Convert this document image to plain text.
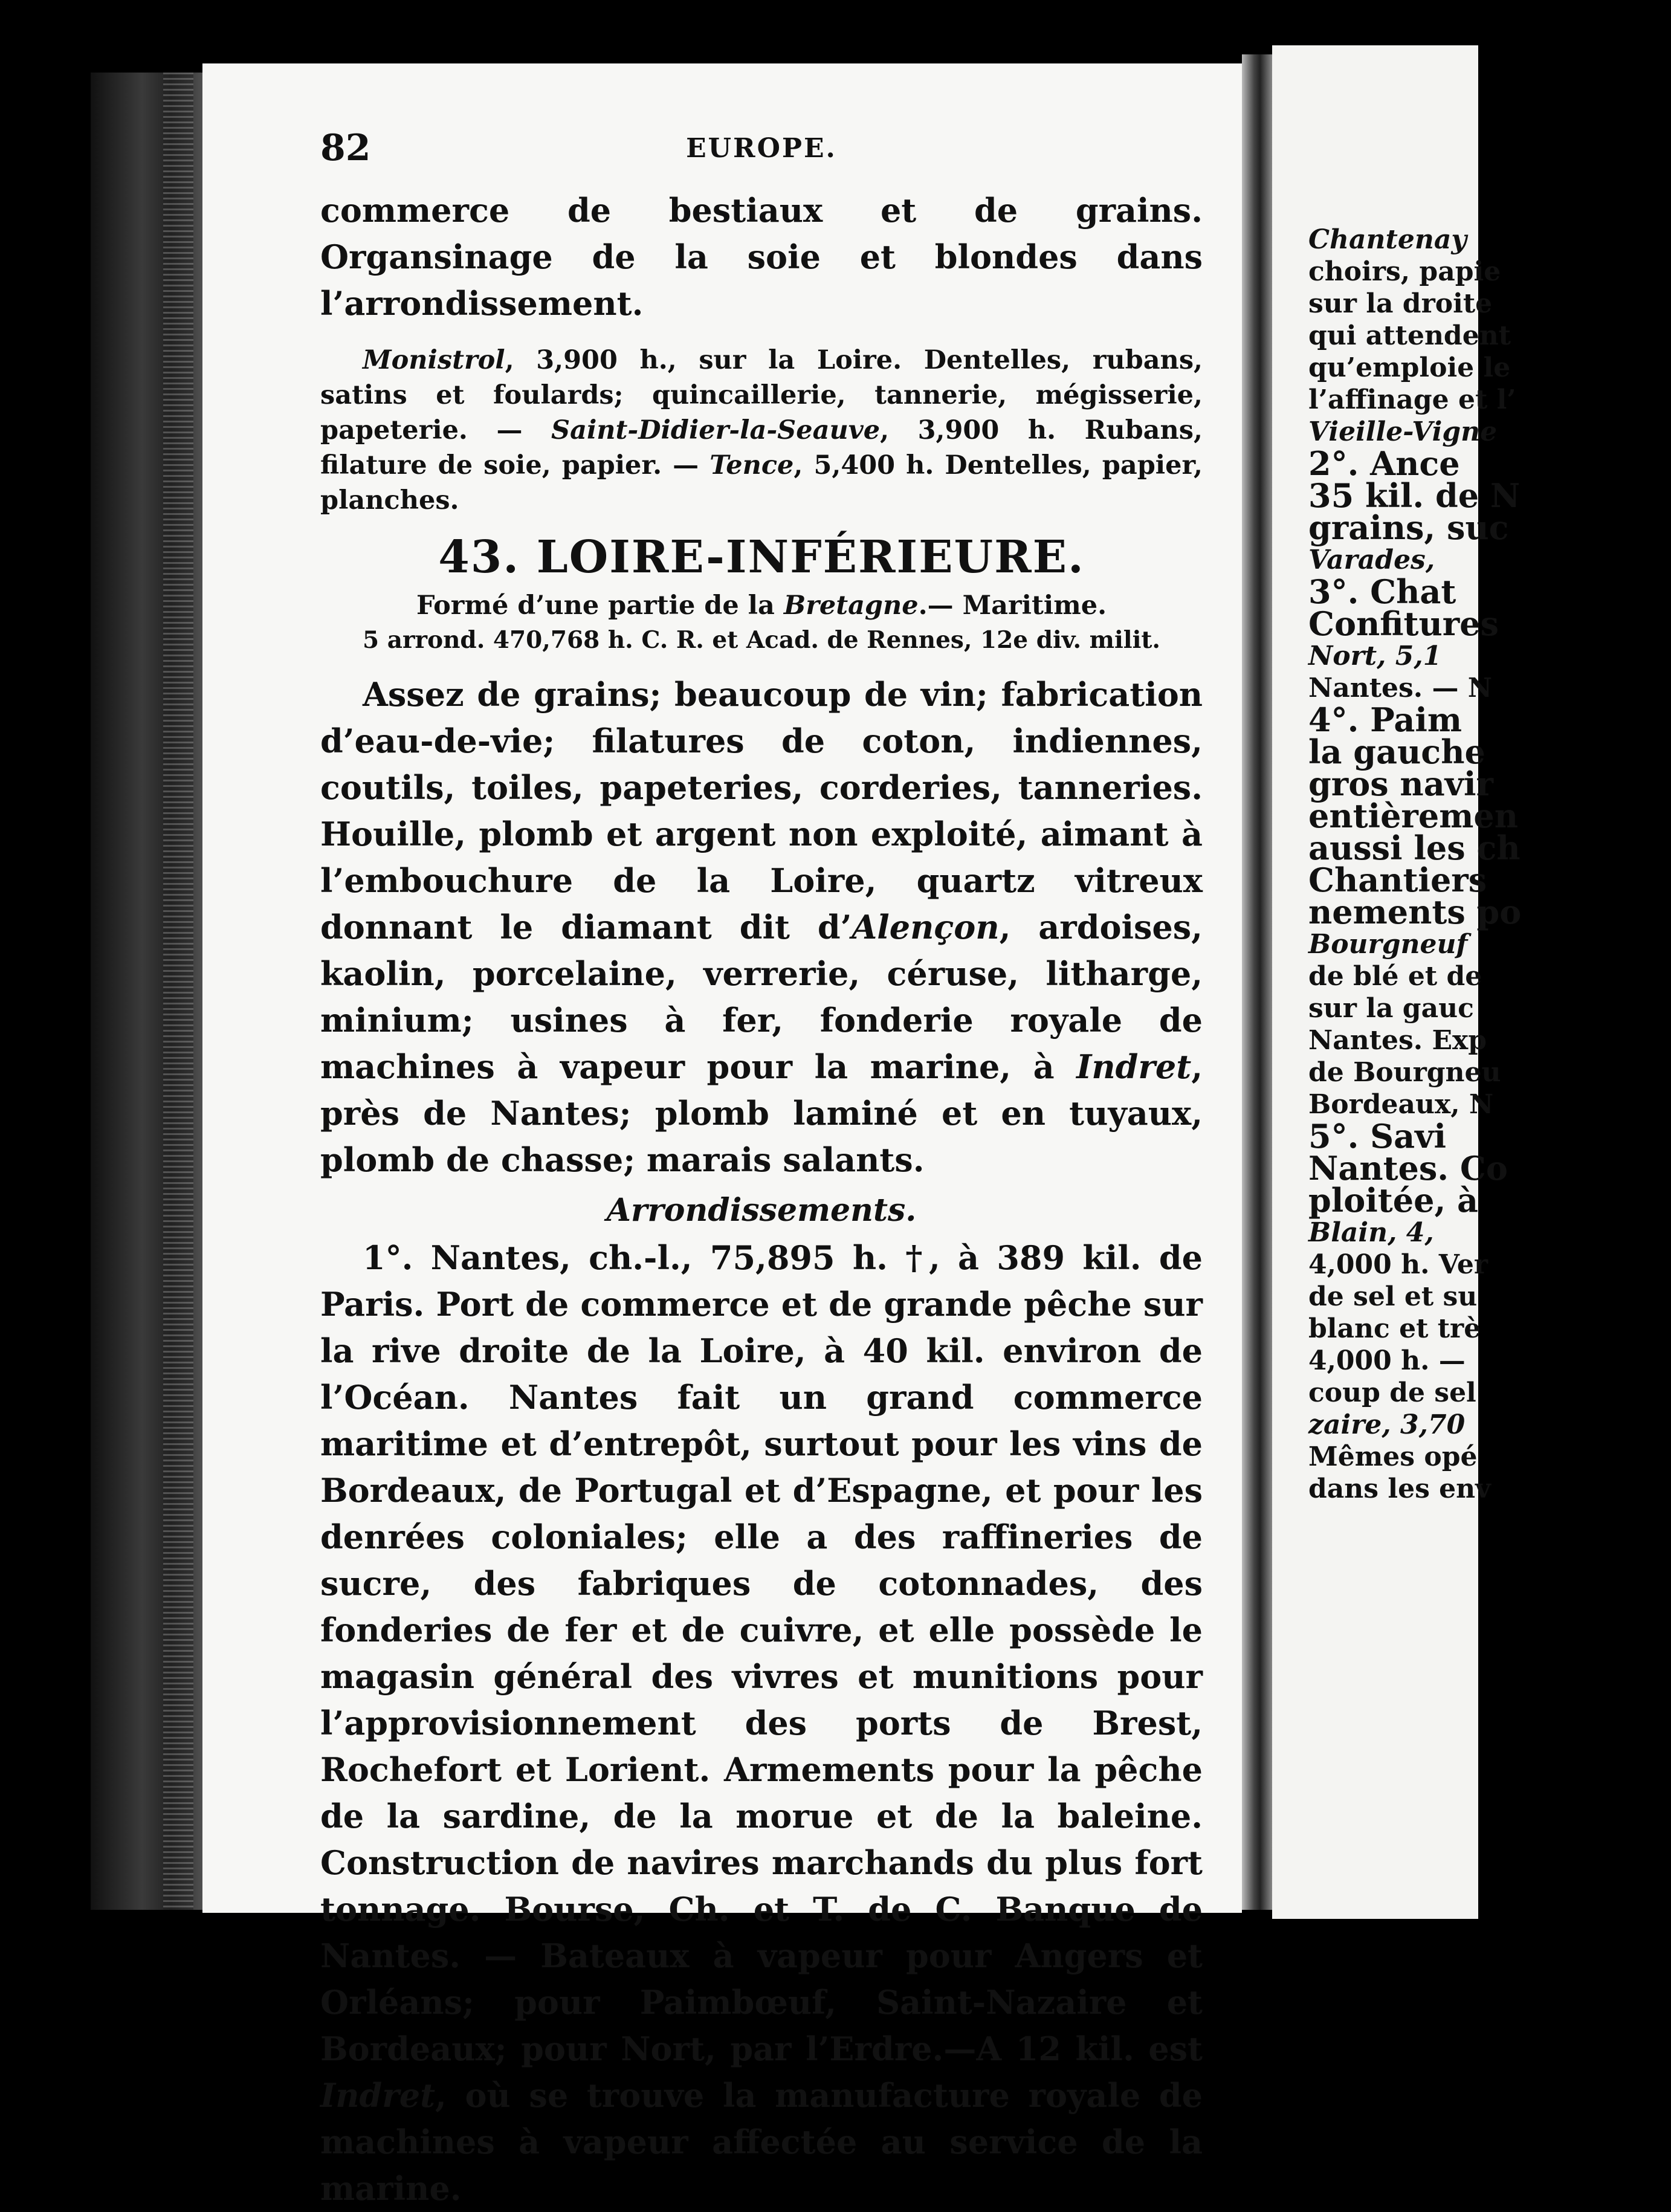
82	EUROPE.

commerce de bestiaux et de grains. Organsinage de la soie et blondes dans l’arrondissement.

Monistrol, 3,900 h., sur la Loire. Dentelles, rubans, satins et foulards; quincaillerie, tannerie, mégisserie, papeterie. — Saint-Didier-la-Seauve, 3,900 h. Rubans, filature de soie, papier. — Tence, 5,400 h. Dentelles, papier, planches.

43. LOIRE-INFÉRIEURE.
Formé d’une partie de la Bretagne.— Maritime.
5 arrond. 470,768 h. C. R. et Acad. de Rennes, 12e div. milit.

Assez de grains; beaucoup de vin; fabrication d’eau-de-vie; filatures de coton, indiennes, coutils, toiles, papeteries, corderies, tanneries. Houille, plomb et argent non exploité, aimant à l’embouchure de la Loire, quartz vitreux donnant le diamant dit d’Alençon, ardoises, kaolin, porcelaine, verrerie, céruse, litharge, minium; usines à fer, fonderie royale de machines à vapeur pour la marine, à Indret, près de Nantes; plomb laminé et en tuyaux, plomb de chasse; marais salants.

Arrondissements.

1°. Nantes, ch.-l., 75,895 h. †, à 389 kil. de Paris. Port de commerce et de grande pêche sur la rive droite de la Loire, à 40 kil. environ de l’Océan. Nantes fait un grand commerce maritime et d’entrepôt, surtout pour les vins de Bordeaux, de Portugal et d’Espagne, et pour les denrées coloniales; elle a des raffineries de sucre, des fabriques de cotonnades, des fonderies de fer et de cuivre, et elle possède le magasin général des vivres et munitions pour l’approvisionnement des ports de Brest, Rochefort et Lorient. Armements pour la pêche de la sardine, de la morue et de la baleine. Construction de navires marchands du plus fort tonnage. Bourse, Ch. et T. de C. Banque de Nantes. — Bateaux à vapeur pour Angers et Orléans; pour Paimbœuf, Saint-Nazaire et Bordeaux; pour Nort, par l’Erdre.—A 12 kil. est Indret, où se trouve la manufacture royale de machines à vapeur affectée au service de la marine.

Chantenay
choirs, papie
sur la droite
qui attendent
qu’emploie le
l’affinage et l’
Vieille-Vigne
2°. Ance
35 kil. de N
grains, suc
Varades,
3°. Chat
Confitures
Nort, 5,1
Nantes. — N
4°. Paim
la gauche
gros navir
entièremen
aussi les ch
Chantiers
nements po
Bourgneuf
de blé et de
sur la gauc
Nantes. Exp
de Bourgneu
Bordeaux, N
5°. Savi
Nantes. Co
ploitée, à
Blain, 4,
4,000 h. Ver
de sel et su
blanc et trè
4,000 h. —
coup de sel
zaire, 3,70
Mêmes opé
dans les env
